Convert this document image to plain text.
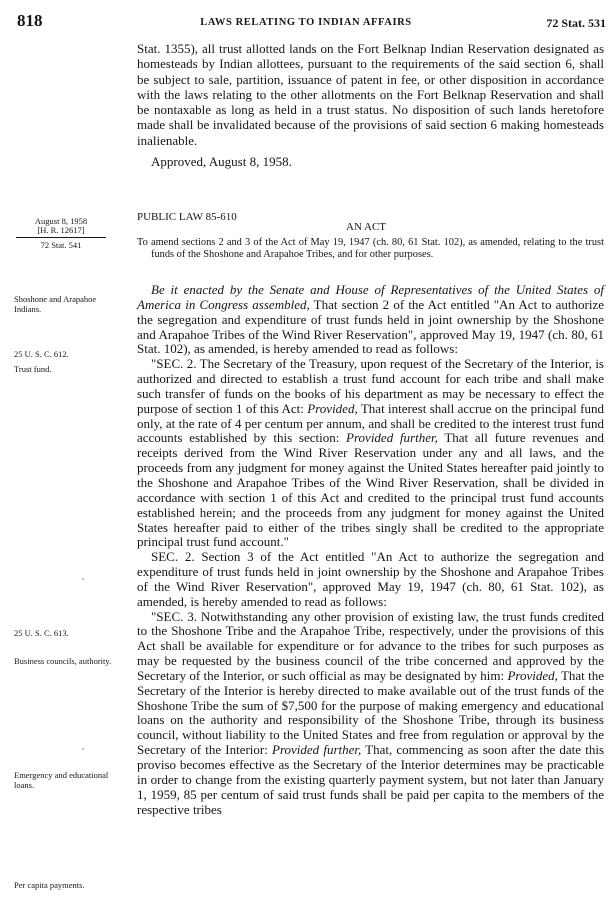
818	LAWS RELATING TO INDIAN AFFAIRS	72 Stat. 531

Stat. 1355), all trust allotted lands on the Fort Belknap Indian Reservation designated as homesteads by Indian allottees, pursuant to the requirements of the said section 6, shall be subject to sale, partition, issuance of patent in fee, or other disposition in accordance with the laws relating to the other allotments on the Fort Belknap Reservation and shall be nontaxable as long as held in a trust status. No disposition of such lands heretofore made shall be invalidated because of the provisions of said section 6 making homesteads inalienable.

Approved, August 8, 1958.

PUBLIC LAW 85-610
AN ACT
To amend sections 2 and 3 of the Act of May 19, 1947 (ch. 80, 61 Stat. 102), as amended, relating to the trust funds of the Shoshone and Arapahoe Tribes, and for other purposes.
August 8, 1958
[H. R. 12617]
72 Stat. 541
Shoshone and Arapahoe Indians.
25 U. S. C. 612.
Trust fund.
25 U. S. C. 613.
Business councils, authority.
Emergency and educational loans.
Per capita payments.

Be it enacted by the Senate and House of Representatives of the United States of America in Congress assembled, That section 2 of the Act entitled "An Act to authorize the segregation and expenditure of trust funds held in joint ownership by the Shoshone and Arapahoe Tribes of the Wind River Reservation", approved May 19, 1947 (ch. 80, 61 Stat. 102), as amended, is hereby amended to read as follows:

"SEC. 2. The Secretary of the Treasury, upon request of the Secretary of the Interior, is authorized and directed to establish a trust fund account for each tribe and shall make such transfer of funds on the books of his department as may be necessary to effect the purpose of section 1 of this Act: Provided, That interest shall accrue on the principal fund only, at the rate of 4 per centum per annum, and shall be credited to the interest trust fund accounts established by this section: Provided further, That all future revenues and receipts derived from the Wind River Reservation under any and all laws, and the proceeds from any judgment for money against the United States hereafter paid jointly to the Shoshone and Arapahoe Tribes of the Wind River Reservation, shall be divided in accordance with section 1 of this Act and credited to the principal trust fund accounts established herein; and the proceeds from any judgment for money against the United States hereafter paid to either of the tribes singly shall be credited to the appropriate principal trust fund account."

SEC. 2. Section 3 of the Act entitled "An Act to authorize the segregation and expenditure of trust funds held in joint ownership by the Shoshone and Arapahoe Tribes of the Wind River Reservation", approved May 19, 1947 (ch. 80, 61 Stat. 102), as amended, is hereby amended to read as follows:

"SEC. 3. Notwithstanding any other provision of existing law, the trust funds credited to the Shoshone Tribe and the Arapahoe Tribe, respectively, under the provisions of this Act shall be available for expenditure or for advance to the tribes for such purposes as may be requested by the business council of the tribe concerned and approved by the Secretary of the Interior, or such official as may be designated by him: Provided, That the Secretary of the Interior is hereby directed to make available out of the trust funds of the Shoshone Tribe the sum of $7,500 for the purpose of making emergency and educational loans on the authority and responsibility of the Shoshone Tribe, through its business council, without liability to the United States and free from regulation or approval by the Secretary of the Interior: Provided further, That, commencing as soon after the date this proviso becomes effective as the Secretary of the Interior determines may be practicable in order to change from the existing quarterly payment system, but not later than January 1, 1959, 85 per centum of said trust funds shall be paid per capita to the members of the respective tribes
